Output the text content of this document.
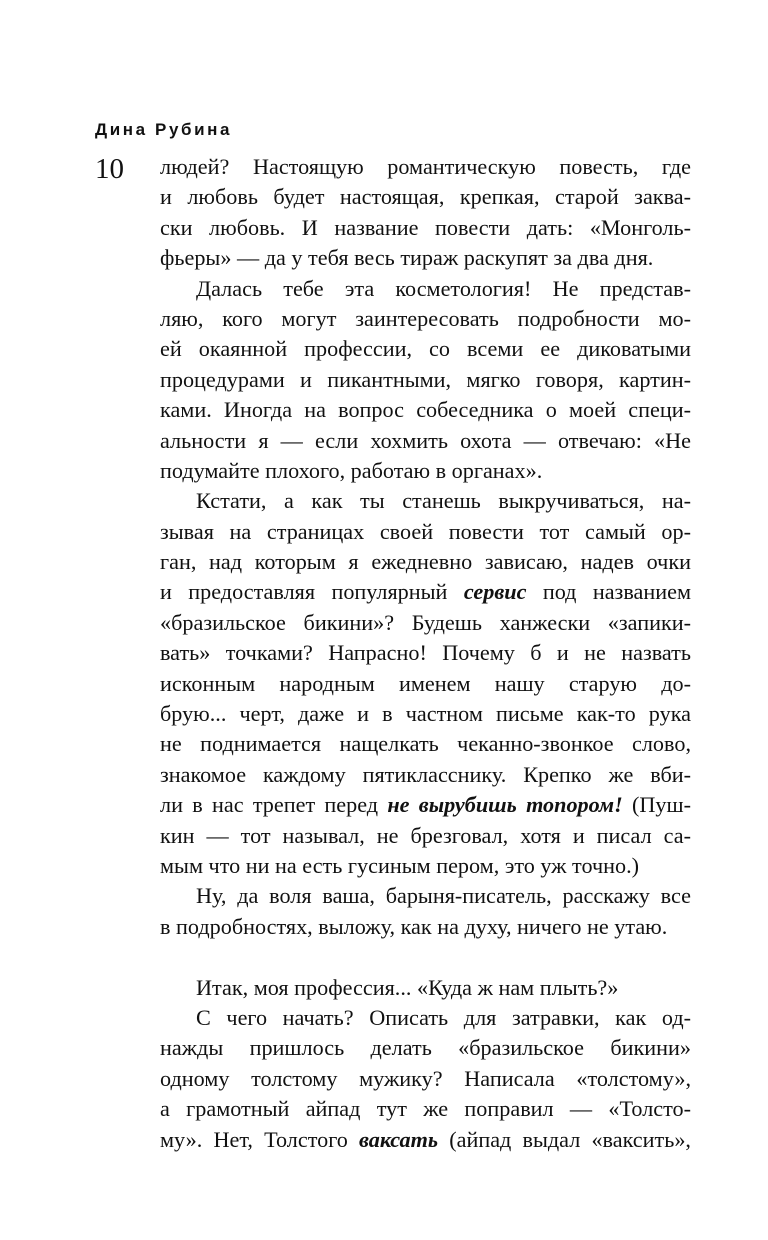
Дина Рубина
10 людей? Настоящую романтическую повесть, где
и любовь будет настоящая, крепкая, старой заква-
ски любовь. И название повести дать: «Монголь-
фьеры» — да у тебя весь тираж раскупят за два дня.
Далась тебе эта косметология! Не представ-
ляю, кого могут заинтересовать подробности мо-
ей окаянной профессии, со всеми ее диковатыми
процедурами и пикантными, мягко говоря, картин-
ками. Иногда на вопрос собеседника о моей специ-
альности я — если хохмить охота — отвечаю: «Не
подумайте плохого, работаю в органах».
Кстати, а как ты станешь выкручиваться, на-
зывая на страницах своей повести тот самый ор-
ган, над которым я ежедневно зависаю, надев очки
и предоставляя популярный сервис под названием
«бразильское бикини»? Будешь ханжески «запики-
вать» точками? Напрасно! Почему б и не назвать
исконным народным именем нашу старую до-
брую... черт, даже и в частном письме как-то рука
не поднимается нащелкать чеканно-звонкое слово,
знакомое каждому пятикласснику. Крепко же вби-
ли в нас трепет перед не вырубишь топором! (Пуш-
кин — тот называл, не брезговал, хотя и писал са-
мым что ни на есть гусиным пером, это уж точно.)
Ну, да воля ваша, барыня-писатель, расскажу все
в подробностях, выложу, как на духу, ничего не утаю.
Итак, моя профессия... «Куда ж нам плыть?»
С чего начать? Описать для затравки, как од-
нажды пришлось делать «бразильское бикини»
одному толстому мужику? Написала «толстому»,
а грамотный айпад тут же поправил — «Толсто-
му». Нет, Толстого ваксать (айпад выдал «ваксить»,
